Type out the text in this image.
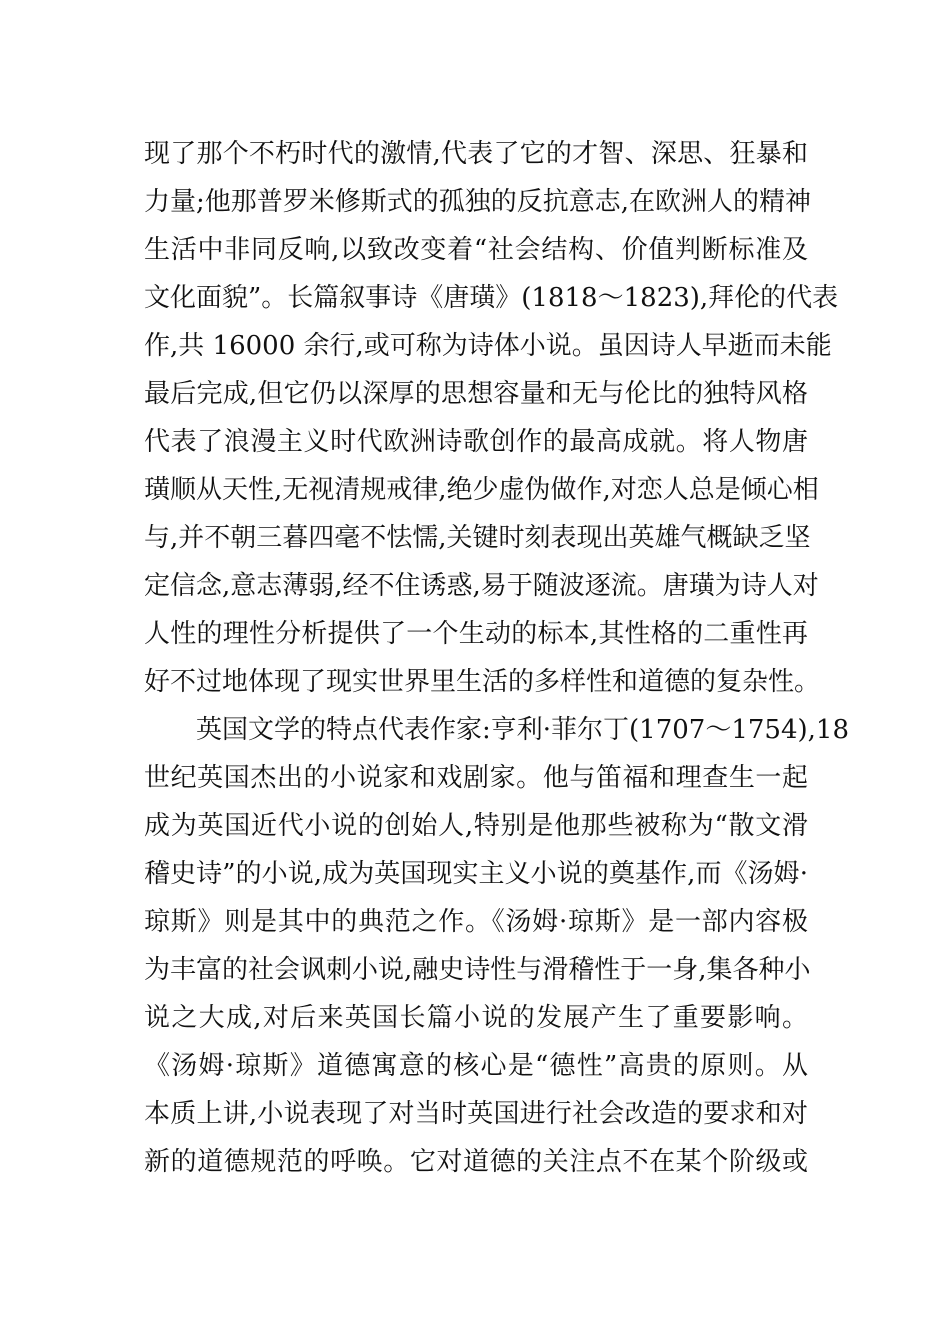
现了那个不朽时代的激情,代表了它的才智、深思、狂暴和
力量;他那普罗米修斯式的孤独的反抗意志,在欧洲人的精神
生活中非同反响,以致改变着“社会结构、价值判断标准及
文化面貌”。长篇叙事诗《唐璜》(1818～1823),拜伦的代表
作,共 16000 余行,或可称为诗体小说。虽因诗人早逝而未能
最后完成,但它仍以深厚的思想容量和无与伦比的独特风格
代表了浪漫主义时代欧洲诗歌创作的最高成就。将人物唐
璜顺从天性,无视清规戒律,绝少虚伪做作,对恋人总是倾心相
与,并不朝三暮四毫不怯懦,关键时刻表现出英雄气概缺乏坚
定信念,意志薄弱,经不住诱惑,易于随波逐流。唐璜为诗人对
人性的理性分析提供了一个生动的标本,其性格的二重性再
好不过地体现了现实世界里生活的多样性和道德的复杂性。
英国文学的特点代表作家:亨利·菲尔丁(1707～1754),18
世纪英国杰出的小说家和戏剧家。他与笛福和理查生一起
成为英国近代小说的创始人,特别是他那些被称为“散文滑
稽史诗”的小说,成为英国现实主义小说的奠基作,而《汤姆·
琼斯》则是其中的典范之作。《汤姆·琼斯》是一部内容极
为丰富的社会讽刺小说,融史诗性与滑稽性于一身,集各种小
说之大成,对后来英国长篇小说的发展产生了重要影响。
《汤姆·琼斯》道德寓意的核心是“德性”高贵的原则。从
本质上讲,小说表现了对当时英国进行社会改造的要求和对
新的道德规范的呼唤。它对道德的关注点不在某个阶级或
